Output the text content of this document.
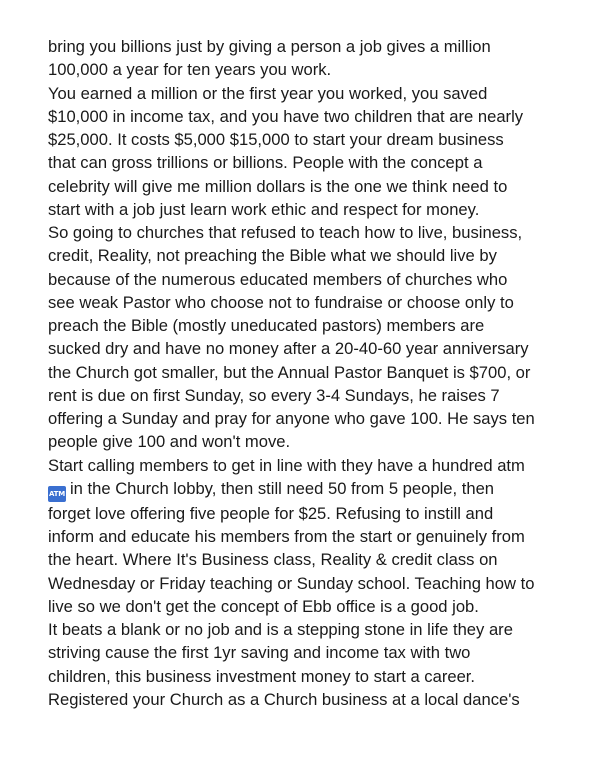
bring you billions just by giving a person a job gives a million
100,000 a year for ten years you work.
You earned a million or the first year you worked, you saved
$10,000 in income tax, and you have two children that are nearly
$25,000. It costs $5,000 $15,000 to start your dream business
that can gross trillions or billions. People with the concept a
celebrity will give me million dollars is the one we think need to
start with a job just learn work ethic and respect for money.
So going to churches that refused to teach how to live, business,
credit, Reality, not preaching the Bible what we should live by
because of the numerous educated members of churches who
see weak Pastor who choose not to fundraise or choose only to
preach the Bible (mostly uneducated pastors) members are
sucked dry and have no money after a 20-40-60 year anniversary
the Church got smaller, but the Annual Pastor Banquet is $700, or
rent is due on first Sunday, so every 3-4 Sundays, he raises 7
offering a Sunday and pray for anyone who gave 100. He says ten
people give 100 and won't move.
Start calling members to get in line with they have a hundred atm
ATM in the Church lobby, then still need 50 from 5 people, then
forget love offering five people for $25. Refusing to instill and
inform and educate his members from the start or genuinely from
the heart. Where It's Business class, Reality & credit class on
Wednesday or Friday teaching or Sunday school. Teaching how to
live so we don't get the concept of Ebb office is a good job.
It beats a blank or no job and is a stepping stone in life they are
striving cause the first 1yr saving and income tax with two
children, this business investment money to start a career.
Registered your Church as a Church business at a local dance's
